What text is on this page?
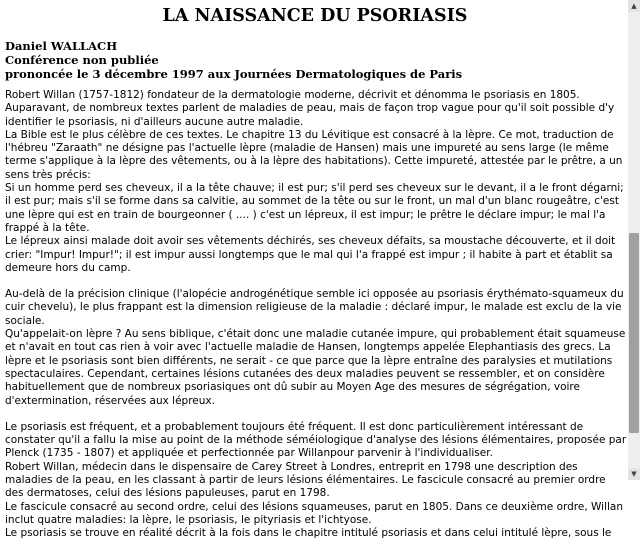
LA NAISSANCE DU PSORIASIS
Daniel WALLACH
Conférence non publiée
prononcée le 3 décembre 1997 aux Journées Dermatologiques de Paris

Robert Willan (1757-1812) fondateur de la dermatologie moderne, décrivit et dénomma le psoriasis en 1805.
Auparavant, de nombreux textes parlent de maladies de peau, mais de façon trop vague pour qu'il soit possible d'y
identifier le psoriasis, ni d'ailleurs aucune autre maladie.
La Bible est le plus célèbre de ces textes. Le chapitre 13 du Lévitique est consacré à la lèpre. Ce mot, traduction de
l'hébreu "Zaraath" ne désigne pas l'actuelle lèpre (maladie de Hansen) mais une impureté au sens large (le même
terme s'applique à la lèpre des vêtements, ou à la lèpre des habitations). Cette impureté, attestée par le prêtre, a un
sens très précis:
Si un homme perd ses cheveux, il a la tête chauve; il est pur; s'il perd ses cheveux sur le devant, il a le front dégarni;
il est pur; mais s'il se forme dans sa calvitie, au sommet de la tête ou sur le front, un mal d'un blanc rougeâtre, c'est
une lèpre qui est en train de bourgeonner ( .... ) c'est un lépreux, il est impur; le prêtre le déclare impur; le mal l'a
frappé à la tête.
Le lépreux ainsi malade doit avoir ses vêtements déchirés, ses cheveux défaits, sa moustache découverte, et il doit
crier: "Impur! Impur!"; il est impur aussi longtemps que le mal qui l'a frappé est impur ; il habite à part et établit sa
demeure hors du camp.

Au-delà de la précision clinique (l'alopécie androgénétique semble ici opposée au psoriasis érythémato-squameux du
cuir chevelu), le plus frappant est la dimension religieuse de la maladie : déclaré impur, le malade est exclu de la vie
sociale.
Qu'appelait-on lèpre ? Au sens biblique, c'était donc une maladie cutanée impure, qui probablement était squameuse
et n'avait en tout cas rien à voir avec l'actuelle maladie de Hansen, longtemps appelée Elephantiasis des grecs. La
lèpre et le psoriasis sont bien différents, ne serait - ce que parce que la lèpre entraîne des paralysies et mutilations
spectaculaires. Cependant, certaines lésions cutanées des deux maladies peuvent se ressembler, et on considère
habituellement que de nombreux psoriasiques ont dû subir au Moyen Age des mesures de ségrégation, voire
d'extermination, réservées aux lépreux.

Le psoriasis est fréquent, et a probablement toujours été fréquent. Il est donc particulièrement intéressant de
constater qu'il a fallu la mise au point de la méthode séméiologique d'analyse des lésions élémentaires, proposée par
Plenck (1735 - 1807) et appliquée et perfectionnée par Willanpour parvenir à l'individualiser.
Robert Willan, médecin dans le dispensaire de Carey Street à Londres, entreprit en 1798 une description des
maladies de la peau, en les classant à partir de leurs lésions élémentaires. Le fascicule consacré au premier ordre
des dermatoses, celui des lésions papuleuses, parut en 1798.
Le fascicule consacré au second ordre, celui des lésions squameuses, parut en 1805. Dans ce deuxième ordre, Willan
inclut quatre maladies: la lèpre, le psoriasis, le pityriasis et l'ichtyose.
Le psoriasis se trouve en réalité décrit à la fois dans le chapitre intitulé psoriasis et dans celui intitulé lèpre, sous le

▲
▼
